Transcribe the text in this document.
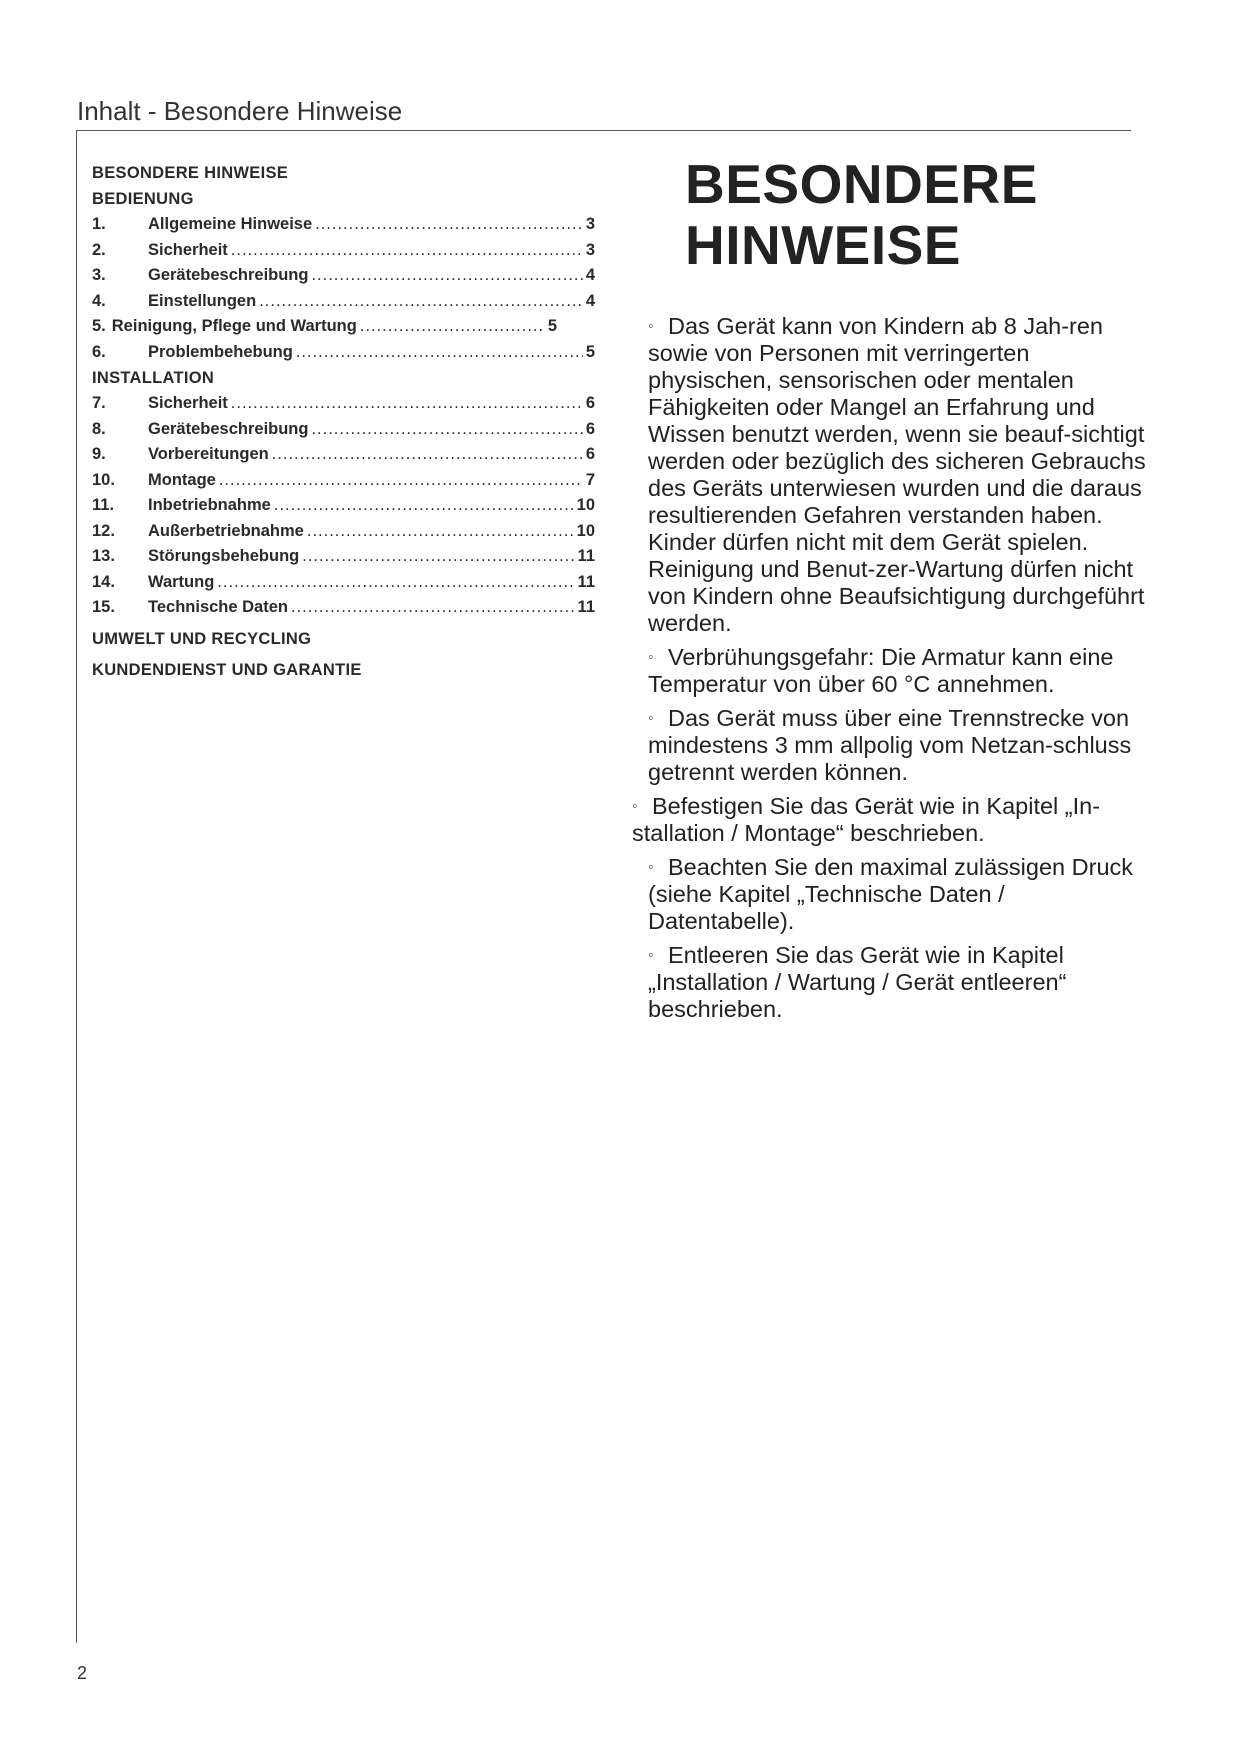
Inhalt - Besondere Hinweise
BESONDERE HINWEISE
BEDIENUNG
1.	Allgemeine Hinweise .....	3
2.	Sicherheit .....	3
3.	Gerätebeschreibung .....	4
4.	Einstellungen .....	4
5. Reinigung, Pflege und Wartung .....	5
6.	Problembehebung .....	5
INSTALLATION
7.	Sicherheit .....	6
8.	Gerätebeschreibung .....	6
9.	Vorbereitungen .....	6
10.	Montage .....	7
11.	Inbetriebnahme .....	10
12.	Außerbetriebnahme .....	10
13.	Störungsbehebung .....	11
14.	Wartung .....	11
15.	Technische Daten .....	11
UMWELT UND RECYCLING
KUNDENDIENST UND GARANTIE
BESONDERE
HINWEISE
◦ Das Gerät kann von Kindern ab 8 Jah-ren sowie von Personen mit verringerten physischen, sensorischen oder mentalen Fähigkeiten oder Mangel an Erfahrung und Wissen benutzt werden, wenn sie beauf-sichtigt werden oder bezüglich des sicheren Gebrauchs des Geräts unterwiesen wurden und die daraus resultierenden Gefahren verstanden haben. Kinder dürfen nicht mit dem Gerät spielen. Reinigung und Benut-zer-Wartung dürfen nicht von Kindern ohne Beaufsichtigung durchgeführt werden.
◦ Verbrühungsgefahr: Die Armatur kann eine Temperatur von über 60 °C annehmen.
◦ Das Gerät muss über eine Trennstrecke von mindestens 3 mm allpolig vom Netzan-schluss getrennt werden können.
◦ Befestigen Sie das Gerät wie in Kapitel „In-stallation / Montage“ beschrieben.
◦ Beachten Sie den maximal zulässigen Druck (siehe Kapitel „Technische Daten / Datentabelle).
◦ Entleeren Sie das Gerät wie in Kapitel „Installation / Wartung / Gerät entleeren“ beschrieben.
2
